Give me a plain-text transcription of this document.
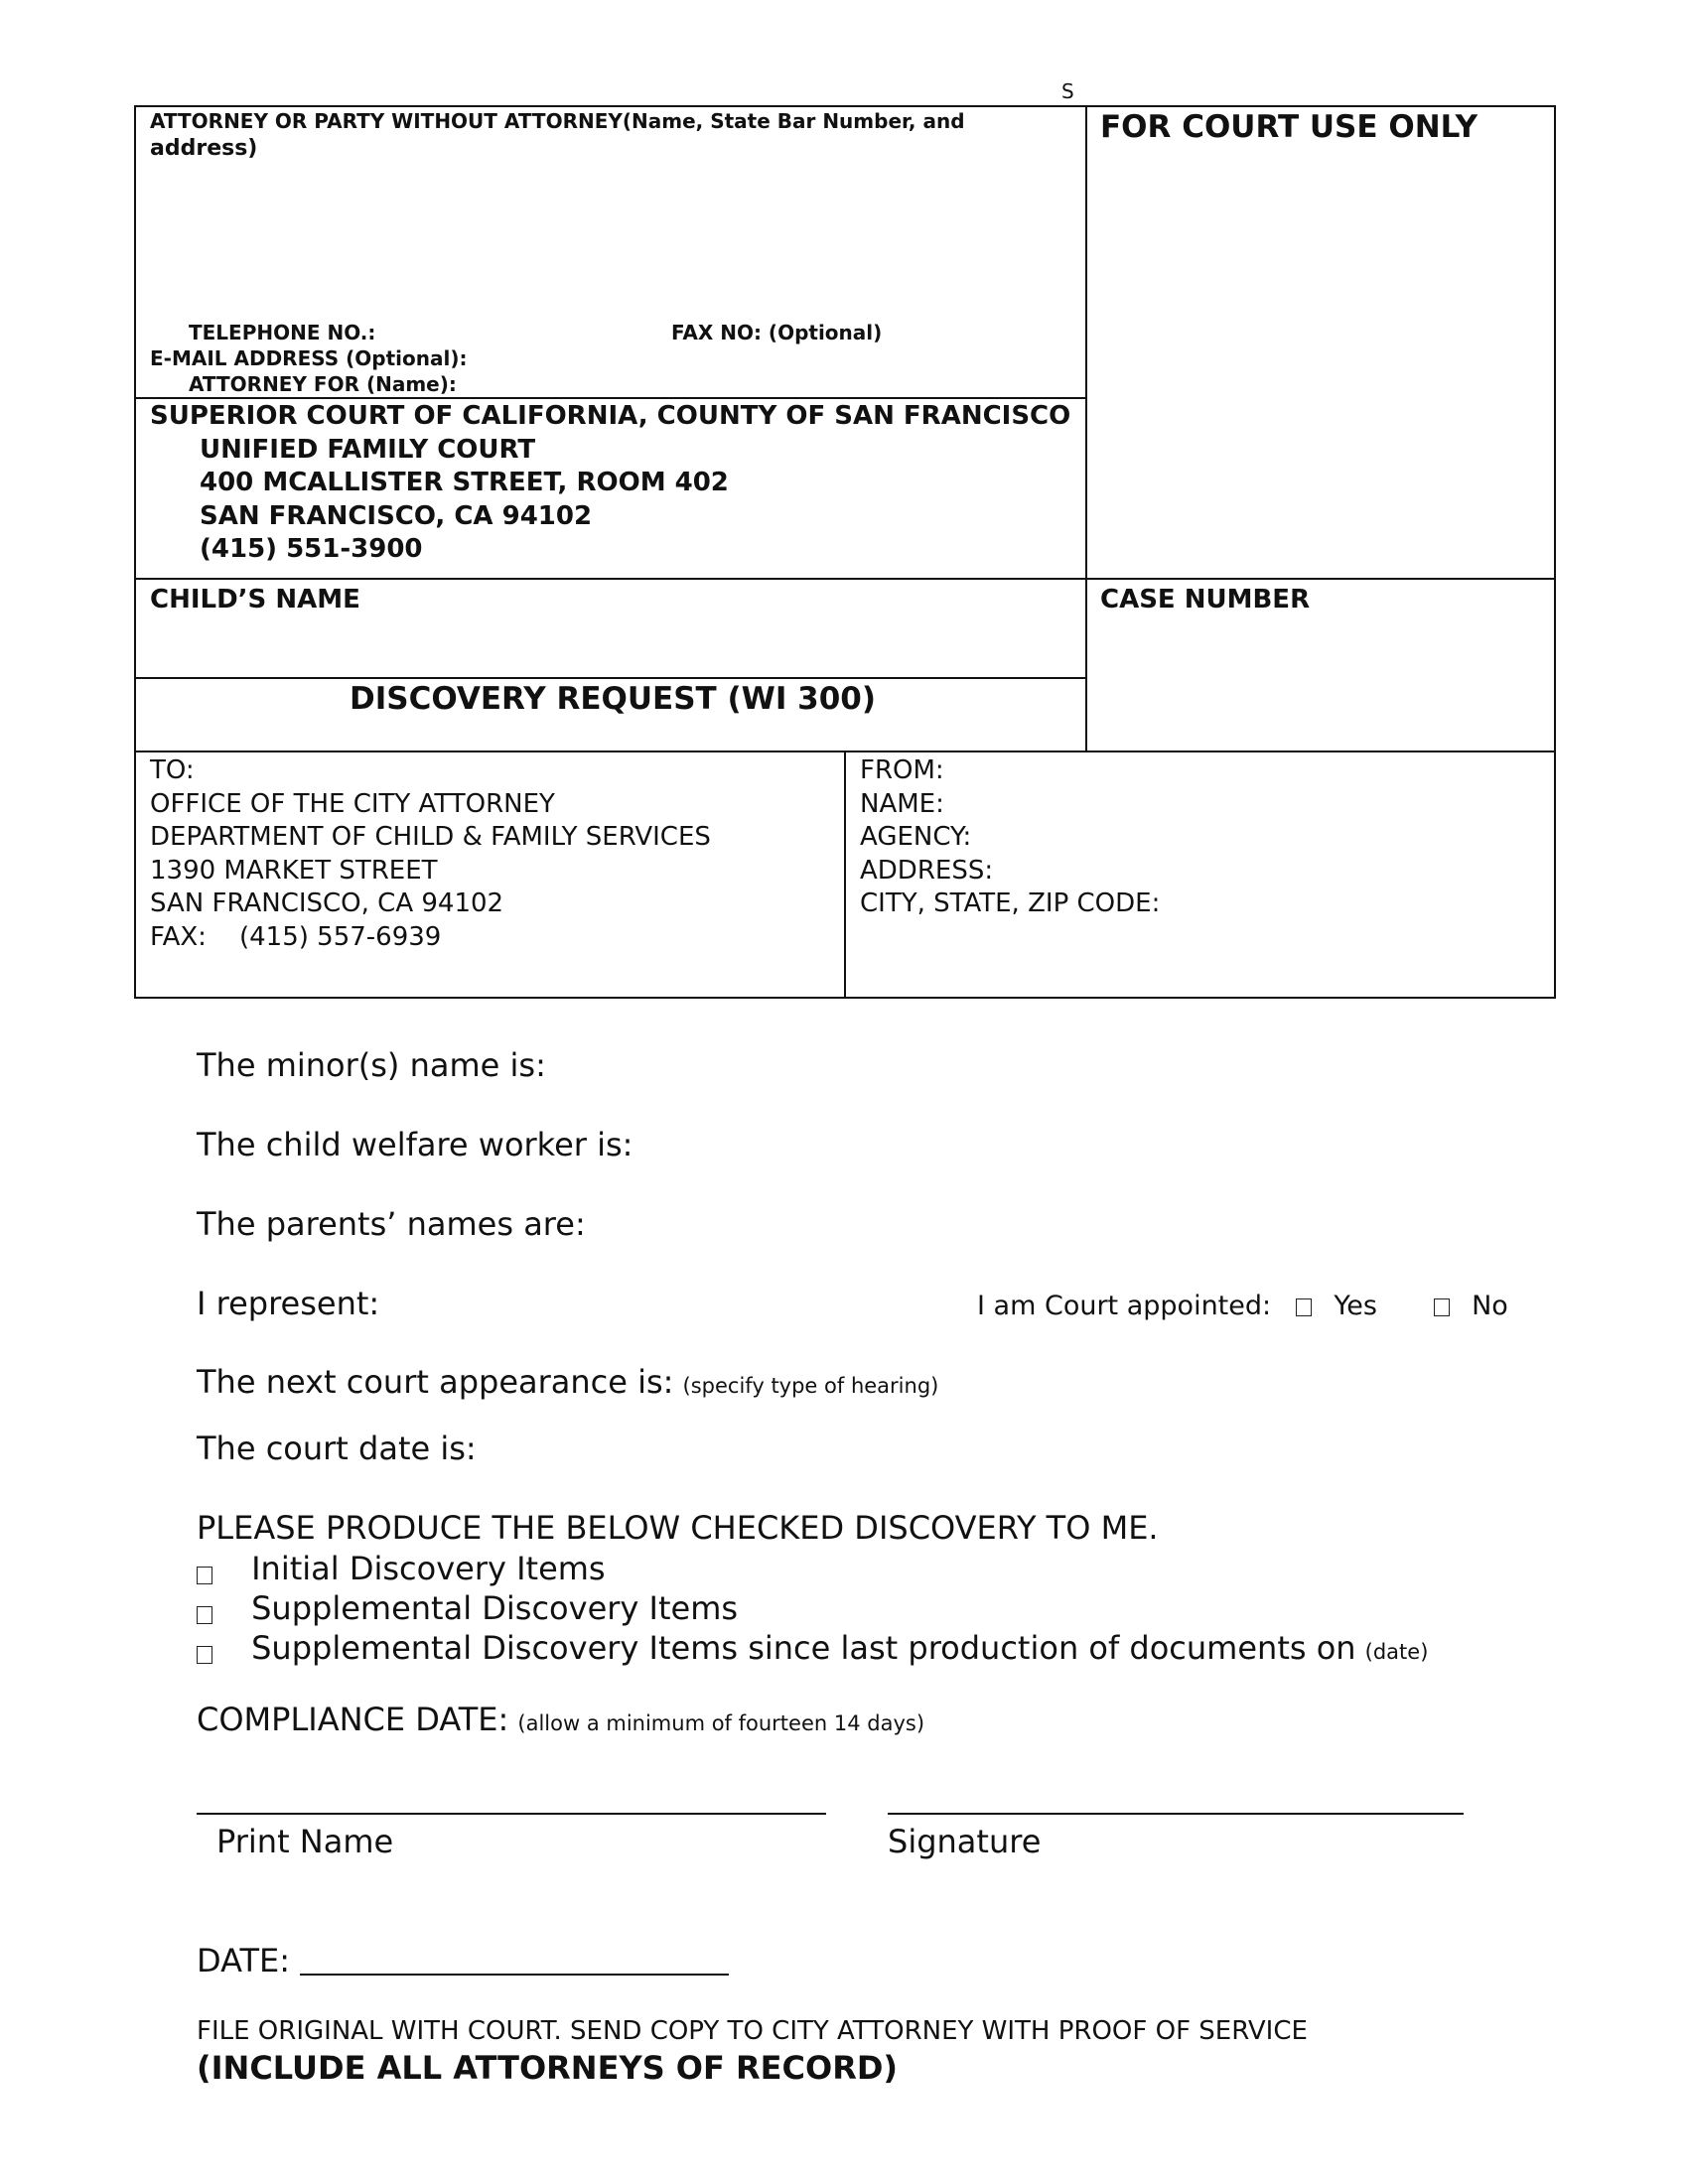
S
ATTORNEY OR PARTY WITHOUT ATTORNEY(Name, State Bar Number, and
address)
TELEPHONE NO.:	FAX NO: (Optional)
E-MAIL ADDRESS (Optional):
ATTORNEY FOR (Name):
FOR COURT USE ONLY
SUPERIOR COURT OF CALIFORNIA, COUNTY OF SAN FRANCISCO
UNIFIED FAMILY COURT
400 MCALLISTER STREET, ROOM 402
SAN FRANCISCO, CA 94102
(415) 551-3900
CHILD’S NAME	CASE NUMBER
DISCOVERY REQUEST (WI 300)
TO:
OFFICE OF THE CITY ATTORNEY
DEPARTMENT OF CHILD & FAMILY SERVICES
1390 MARKET STREET
SAN FRANCISCO, CA 94102
FAX:    (415) 557-6939
FROM:
NAME:
AGENCY:
ADDRESS:
CITY, STATE, ZIP CODE:
The minor(s) name is:
The child welfare worker is:
The parents’ names are:
I represent:	I am Court appointed: Yes	No
The next court appearance is: (specify type of hearing)
The court date is:
PLEASE PRODUCE THE BELOW CHECKED DISCOVERY TO ME.
Initial Discovery Items
Supplemental Discovery Items
Supplemental Discovery Items since last production of documents on (date)
COMPLIANCE DATE: (allow a minimum of fourteen 14 days)
Print Name	Signature
DATE:
FILE ORIGINAL WITH COURT. SEND COPY TO CITY ATTORNEY WITH PROOF OF SERVICE
(INCLUDE ALL ATTORNEYS OF RECORD)
